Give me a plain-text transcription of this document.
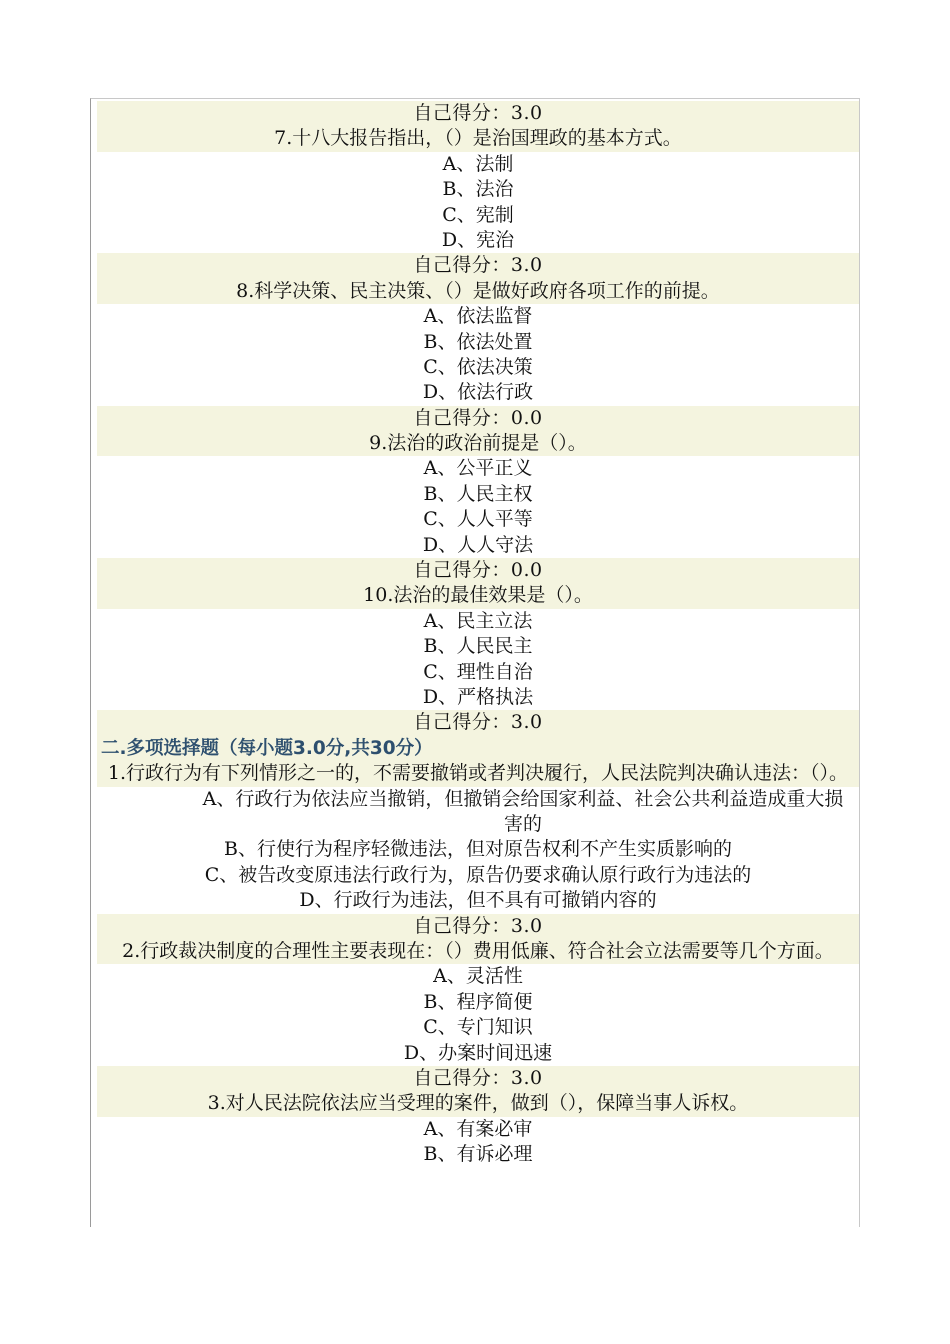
自己得分：3.0
7.十八大报告指出，（）是治国理政的基本方式。
A、法制
B、法治
C、宪制
D、宪治
自己得分：3.0
8.科学决策、民主决策、（）是做好政府各项工作的前提。
A、依法监督
B、依法处置
C、依法决策
D、依法行政
自己得分：0.0
9.法治的政治前提是（）。
A、公平正义
B、人民主权
C、人人平等
D、人人守法
自己得分：0.0
10.法治的最佳效果是（）。
A、民主立法
B、人民民主
C、理性自治
D、严格执法
自己得分：3.0
二.多项选择题（每小题3.0分,共30分）
1.行政行为有下列情形之一的，不需要撤销或者判决履行，人民法院判决确认违法：（）。
A、行政行为依法应当撤销，但撤销会给国家利益、社会公共利益造成重大损害的
B、行使行为程序轻微违法，但对原告权利不产生实质影响的
C、被告改变原违法行政行为，原告仍要求确认原行政行为违法的
D、行政行为违法，但不具有可撤销内容的
自己得分：3.0
2.行政裁决制度的合理性主要表现在：（）费用低廉、符合社会立法需要等几个方面。
A、灵活性
B、程序简便
C、专门知识
D、办案时间迅速
自己得分：3.0
3.对人民法院依法应当受理的案件，做到（），保障当事人诉权。
A、有案必审
B、有诉必理
